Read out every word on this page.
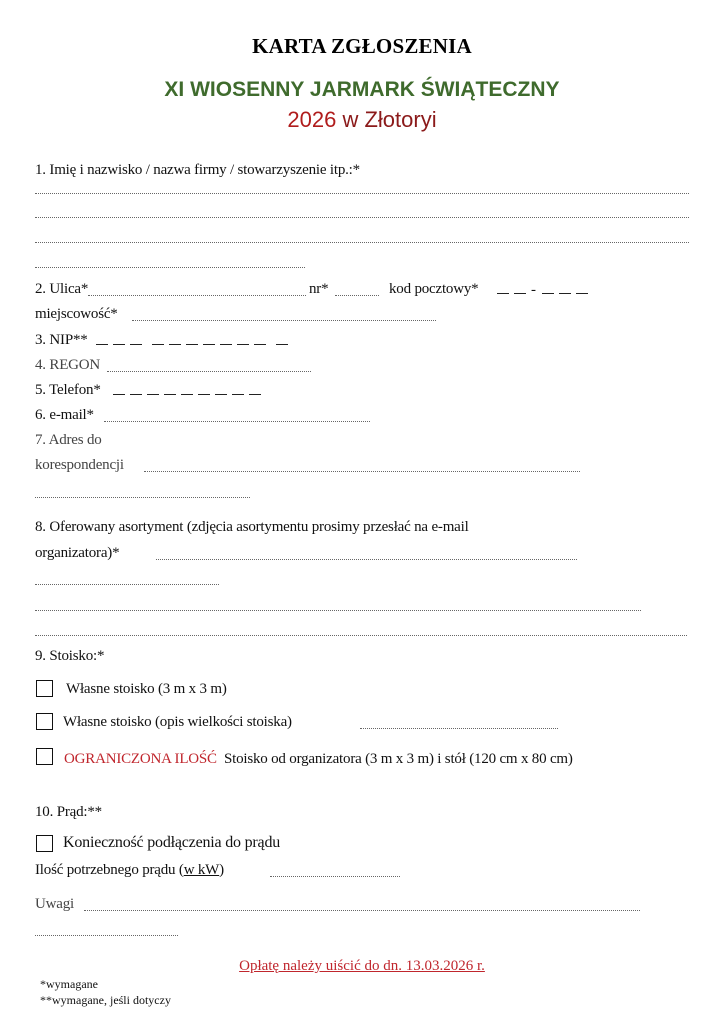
KARTA ZGŁOSZENIA
XI WIOSENNY JARMARK ŚWIĄTECZNY
2026 w Złotoryi
1. Imię i nazwisko / nazwa firmy / stowarzyszenie itp.:*
2. Ulica*	nr*	kod pocztowy*	-
miejscowość*
3. NIP**
4. REGON
5. Telefon*
6. e-mail*
7. Adres do
korespondencji
8. Oferowany asortyment (zdjęcia asortymentu prosimy przesłać na e-mail
organizatora)*
9. Stoisko:*
Własne stoisko (3 m x 3 m)
Własne stoisko (opis wielkości stoiska)
OGRANICZONA ILOŚĆ Stoisko od organizatora (3 m x 3 m) i stół (120 cm x 80 cm)
10. Prąd:**
Konieczność podłączenia do prądu
Ilość potrzebnego prądu (w kW)
Uwagi
Opłatę należy uiścić do dn. 13.03.2026 r.
*wymagane
**wymagane, jeśli dotyczy
